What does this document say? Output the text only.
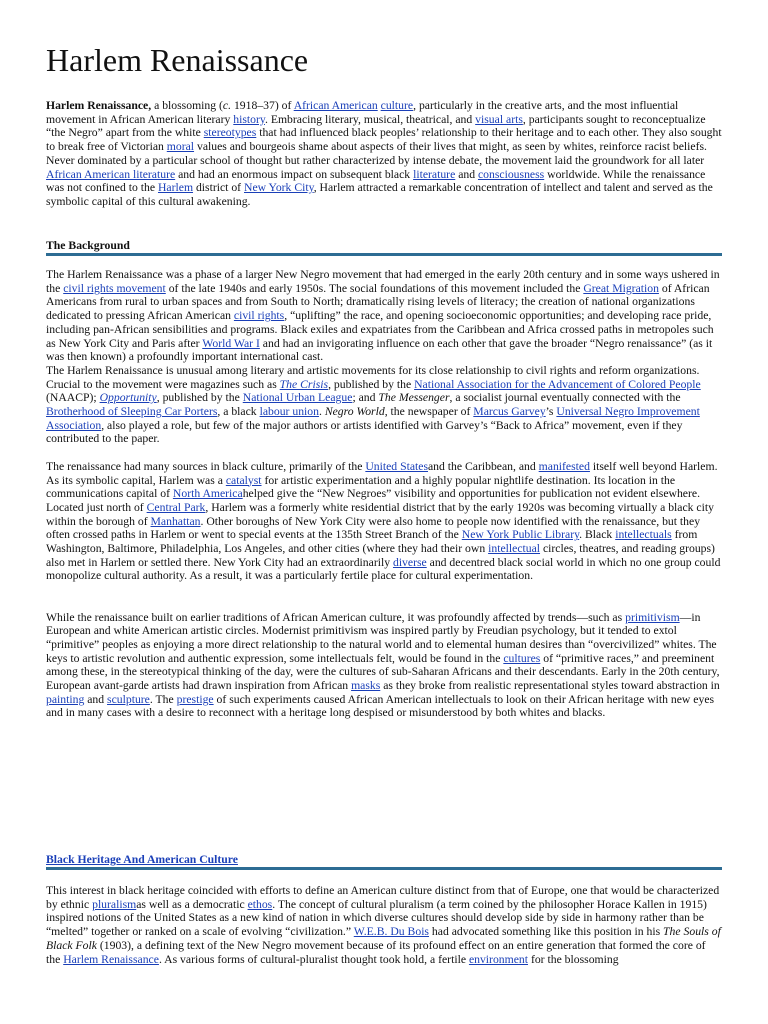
Harlem Renaissance

Harlem Renaissance, a blossoming (c. 1918–37) of African American culture, particularly in the creative arts, and the most influential movement in African American literary history. Embracing literary, musical, theatrical, and visual arts, participants sought to reconceptualize “the Negro” apart from the white stereotypes that had influenced black peoples’ relationship to their heritage and to each other. They also sought to break free of Victorian moral values and bourgeois shame about aspects of their lives that might, as seen by whites, reinforce racist beliefs. Never dominated by a particular school of thought but rather characterized by intense debate, the movement laid the groundwork for all later African American literature and had an enormous impact on subsequent black literature and consciousness worldwide. While the renaissance was not confined to the Harlem district of New York City, Harlem attracted a remarkable concentration of intellect and talent and served as the symbolic capital of this cultural awakening.

The Background

The Harlem Renaissance was a phase of a larger New Negro movement that had emerged in the early 20th century and in some ways ushered in the civil rights movement of the late 1940s and early 1950s. The social foundations of this movement included the Great Migration of African Americans from rural to urban spaces and from South to North; dramatically rising levels of literacy; the creation of national organizations dedicated to pressing African American civil rights, “uplifting” the race, and opening socioeconomic opportunities; and developing race pride, including pan-African sensibilities and programs. Black exiles and expatriates from the Caribbean and Africa crossed paths in metropoles such as New York City and Paris after World War I and had an invigorating influence on each other that gave the broader “Negro renaissance” (as it was then known) a profoundly important international cast.

The Harlem Renaissance is unusual among literary and artistic movements for its close relationship to civil rights and reform organizations. Crucial to the movement were magazines such as The Crisis, published by the National Association for the Advancement of Colored People (NAACP); Opportunity, published by the National Urban League; and The Messenger, a socialist journal eventually connected with the Brotherhood of Sleeping Car Porters, a black labour union. Negro World, the newspaper of Marcus Garvey’s Universal Negro Improvement Association, also played a role, but few of the major authors or artists identified with Garvey’s “Back to Africa” movement, even if they contributed to the paper.

The renaissance had many sources in black culture, primarily of the United Statesand the Caribbean, and manifested itself well beyond Harlem. As its symbolic capital, Harlem was a catalyst for artistic experimentation and a highly popular nightlife destination. Its location in the communications capital of North Americahelped give the “New Negroes” visibility and opportunities for publication not evident elsewhere. Located just north of Central Park, Harlem was a formerly white residential district that by the early 1920s was becoming virtually a black city within the borough of Manhattan. Other boroughs of New York City were also home to people now identified with the renaissance, but they often crossed paths in Harlem or went to special events at the 135th Street Branch of the New York Public Library. Black intellectuals from Washington, Baltimore, Philadelphia, Los Angeles, and other cities (where they had their own intellectual circles, theatres, and reading groups) also met in Harlem or settled there. New York City had an extraordinarily diverse and decentred black social world in which no one group could monopolize cultural authority. As a result, it was a particularly fertile place for cultural experimentation.

While the renaissance built on earlier traditions of African American culture, it was profoundly affected by trends—such as primitivism—in European and white American artistic circles. Modernist primitivism was inspired partly by Freudian psychology, but it tended to extol “primitive” peoples as enjoying a more direct relationship to the natural world and to elemental human desires than “overcivilized” whites. The keys to artistic revolution and authentic expression, some intellectuals felt, would be found in the cultures of “primitive races,” and preeminent among these, in the stereotypical thinking of the day, were the cultures of sub-Saharan Africans and their descendants. Early in the 20th century, European avant-garde artists had drawn inspiration from African masks as they broke from realistic representational styles toward abstraction in painting and sculpture. The prestige of such experiments caused African American intellectuals to look on their African heritage with new eyes and in many cases with a desire to reconnect with a heritage long despised or misunderstood by both whites and blacks.

Black Heritage And American Culture

This interest in black heritage coincided with efforts to define an American culture distinct from that of Europe, one that would be characterized by ethnic pluralismas well as a democratic ethos. The concept of cultural pluralism (a term coined by the philosopher Horace Kallen in 1915) inspired notions of the United States as a new kind of nation in which diverse cultures should develop side by side in harmony rather than be “melted” together or ranked on a scale of evolving “civilization.” W.E.B. Du Bois had advocated something like this position in his The Souls of Black Folk (1903), a defining text of the New Negro movement because of its profound effect on an entire generation that formed the core of the Harlem Renaissance. As various forms of cultural-pluralist thought took hold, a fertile environment for the blossoming
